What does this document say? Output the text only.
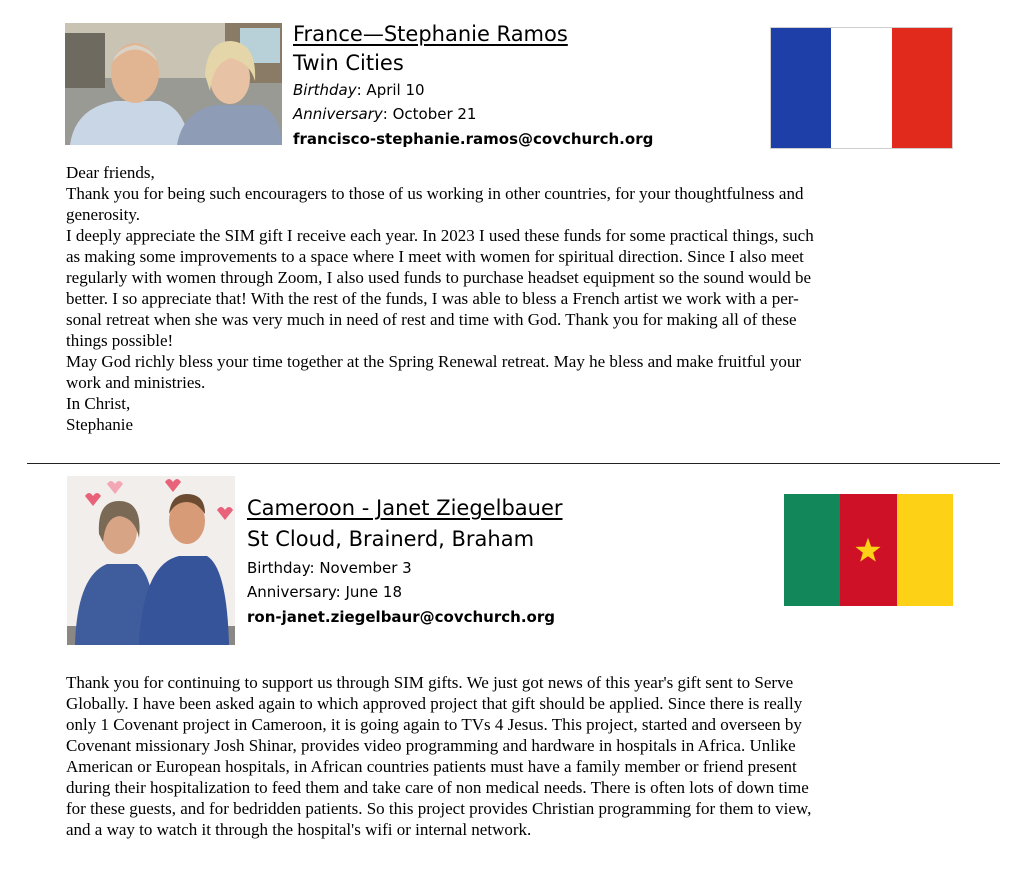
France—Stephanie Ramos
Twin Cities
Birthday: April 10
Anniversary: October 21
francisco-stephanie.ramos@covchurch.org
Dear friends,
Thank you for being such encouragers to those of us working in other countries, for your thoughtfulness and
generosity.
I deeply appreciate the SIM gift I receive each year. In 2023 I used these funds for some practical things, such
as making some improvements to a space where I meet with women for spiritual direction. Since I also meet
regularly with women through Zoom, I also used funds to purchase headset equipment so the sound would be
better. I so appreciate that! With the rest of the funds, I was able to bless a French artist we work with a per-
sonal retreat when she was very much in need of rest and time with God. Thank you for making all of these
things possible!
May God richly bless your time together at the Spring Renewal retreat. May he bless and make fruitful your
work and ministries.
In Christ,
Stephanie
Cameroon - Janet Ziegelbauer
St Cloud, Brainerd, Braham
Birthday: November 3
Anniversary: June 18
ron-janet.ziegelbaur@covchurch.org
Thank you for continuing to support us through SIM gifts. We just got news of this year's gift sent to Serve
Globally. I have been asked again to which approved project that gift should be applied. Since there is really
only 1 Covenant project in Cameroon, it is going again to TVs 4 Jesus. This project, started and overseen by
Covenant missionary Josh Shinar, provides video programming and hardware in hospitals in Africa. Unlike
American or European hospitals, in African countries patients must have a family member or friend present
during their hospitalization to feed them and take care of non medical needs. There is often lots of down time
for these guests, and for bedridden patients. So this project provides Christian programming for them to view,
and a way to watch it through the hospital's wifi or internal network.
